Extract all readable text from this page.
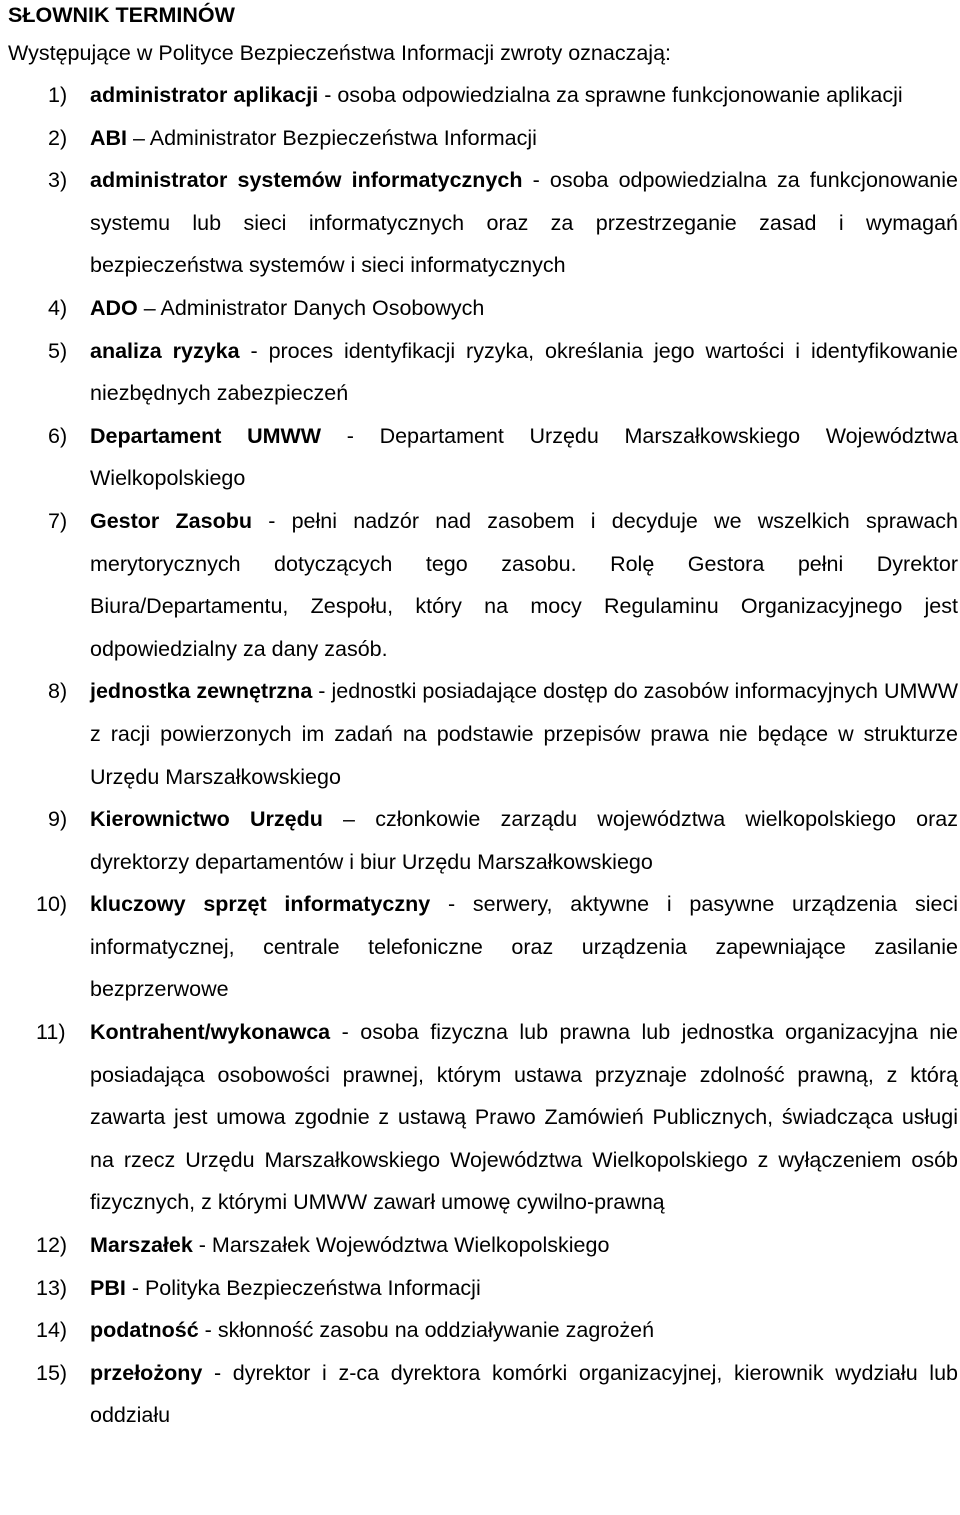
SŁOWNIK TERMINÓW

Występujące w Polityce Bezpieczeństwa Informacji zwroty oznaczają:

1)	administrator aplikacji - osoba odpowiedzialna za sprawne funkcjonowanie aplikacji
2)	ABI – Administrator Bezpieczeństwa Informacji
3)	administrator systemów informatycznych - osoba odpowiedzialna za funkcjonowanie systemu lub sieci informatycznych oraz za przestrzeganie zasad i wymagań bezpieczeństwa systemów i sieci informatycznych
4)	ADO – Administrator Danych Osobowych
5)	analiza ryzyka - proces identyfikacji ryzyka, określania jego wartości i identyfikowanie niezbędnych zabezpieczeń
6)	Departament UMWW - Departament Urzędu Marszałkowskiego Województwa Wielkopolskiego
7)	Gestor Zasobu - pełni nadzór nad zasobem i decyduje we wszelkich sprawach merytorycznych dotyczących tego zasobu. Rolę Gestora pełni Dyrektor Biura/Departamentu, Zespołu, który na mocy Regulaminu Organizacyjnego jest odpowiedzialny za dany zasób.
8)	jednostka zewnętrzna - jednostki posiadające dostęp do zasobów informacyjnych UMWW z racji powierzonych im zadań na podstawie przepisów prawa nie będące w strukturze Urzędu Marszałkowskiego
9)	Kierownictwo Urzędu – członkowie zarządu województwa wielkopolskiego oraz dyrektorzy departamentów i biur Urzędu Marszałkowskiego
10)	kluczowy sprzęt informatyczny - serwery, aktywne i pasywne urządzenia sieci informatycznej, centrale telefoniczne oraz urządzenia zapewniające zasilanie bezprzerwowe
11)	Kontrahent/wykonawca - osoba fizyczna lub prawna lub jednostka organizacyjna nie posiadająca osobowości prawnej, którym ustawa przyznaje zdolność prawną, z którą zawarta jest umowa zgodnie z ustawą Prawo Zamówień Publicznych, świadcząca usługi na rzecz Urzędu Marszałkowskiego Województwa Wielkopolskiego z wyłączeniem osób fizycznych, z którymi UMWW zawarł umowę cywilno-prawną
12)	Marszałek - Marszałek Województwa Wielkopolskiego
13)	PBI - Polityka Bezpieczeństwa Informacji
14)	podatność - skłonność zasobu na oddziaływanie zagrożeń
15)	przełożony - dyrektor i z-ca dyrektora komórki organizacyjnej, kierownik wydziału lub oddziału
